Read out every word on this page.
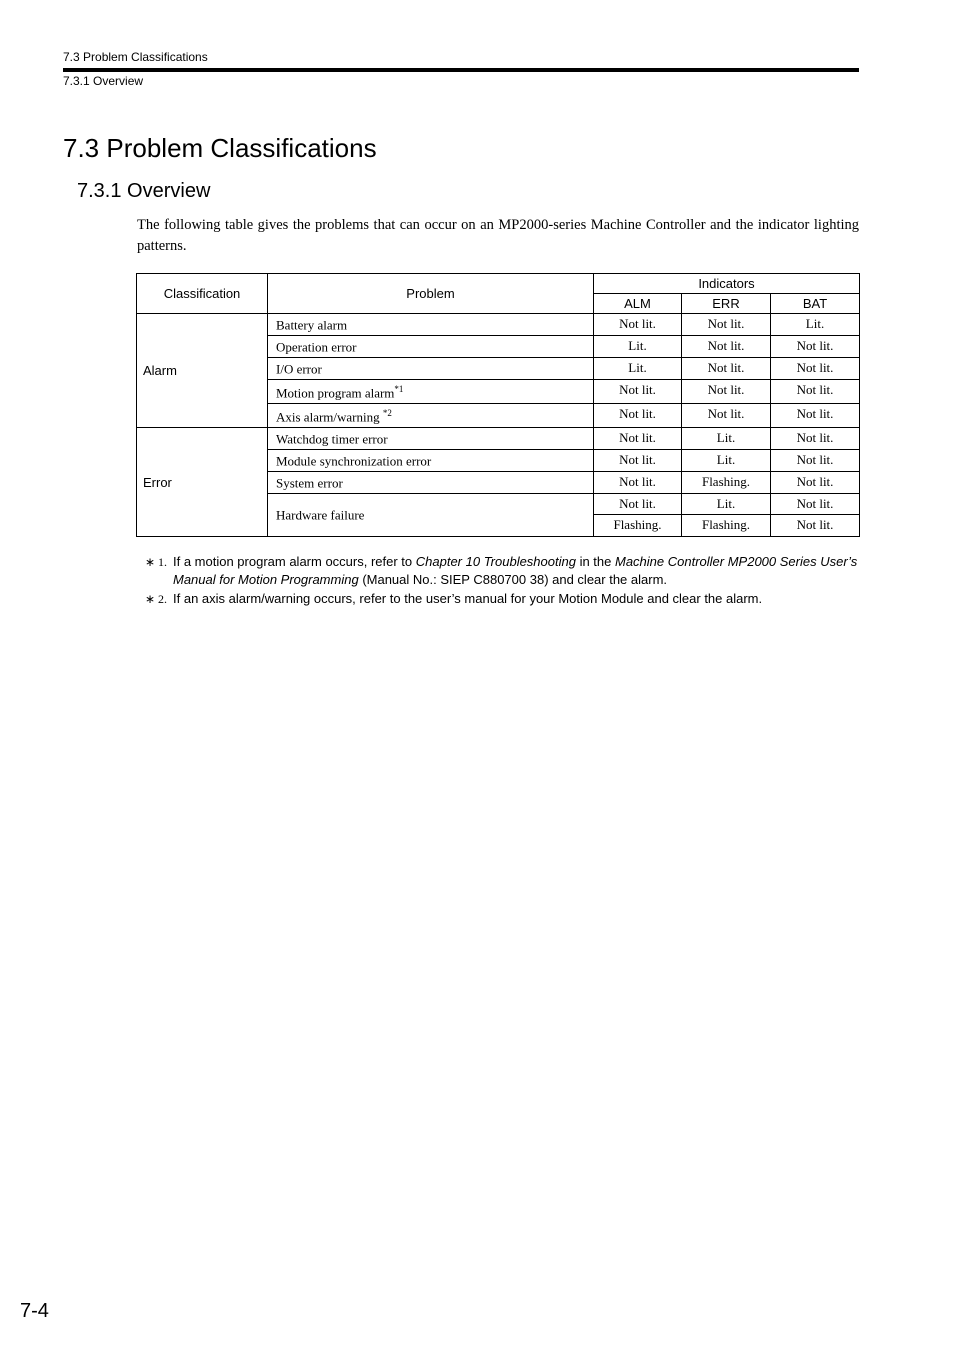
7.3 Problem Classifications
7.3.1 Overview
7.3 Problem Classifications
7.3.1 Overview

The following table gives the problems that can occur on an MP2000-series Machine Controller and the indicator lighting patterns.

Classification	Problem	Indicators		
		ALM	ERR	BAT
Alarm	Battery alarm	Not lit.	Not lit.	Lit.
	Operation error	Lit.	Not lit.	Not lit.
	I/O error	Lit.	Not lit.	Not lit.
	Motion program alarm$^{*1}$	Not lit.	Not lit.	Not lit.
	Axis alarm/warning $^{*2}$	Not lit.	Not lit.	Not lit.
Error	Watchdog timer error	Not lit.	Lit.	Not lit.
	Module synchronization error	Not lit.	Lit.	Not lit.
	System error	Not lit.	Flashing.	Not lit.
	Hardware failure	Not lit.	Lit.	Not lit.
		Flashing.	Flashing.	Not lit.
∗ 1. If a motion program alarm occurs, refer to Chapter 10 Troubleshooting in the Machine Controller MP2000 Series User’s Manual for Motion Programming (Manual No.: SIEP C880700 38) and clear the alarm.
∗ 2. If an axis alarm/warning occurs, refer to the user’s manual for your Motion Module and clear the alarm.
7-4
